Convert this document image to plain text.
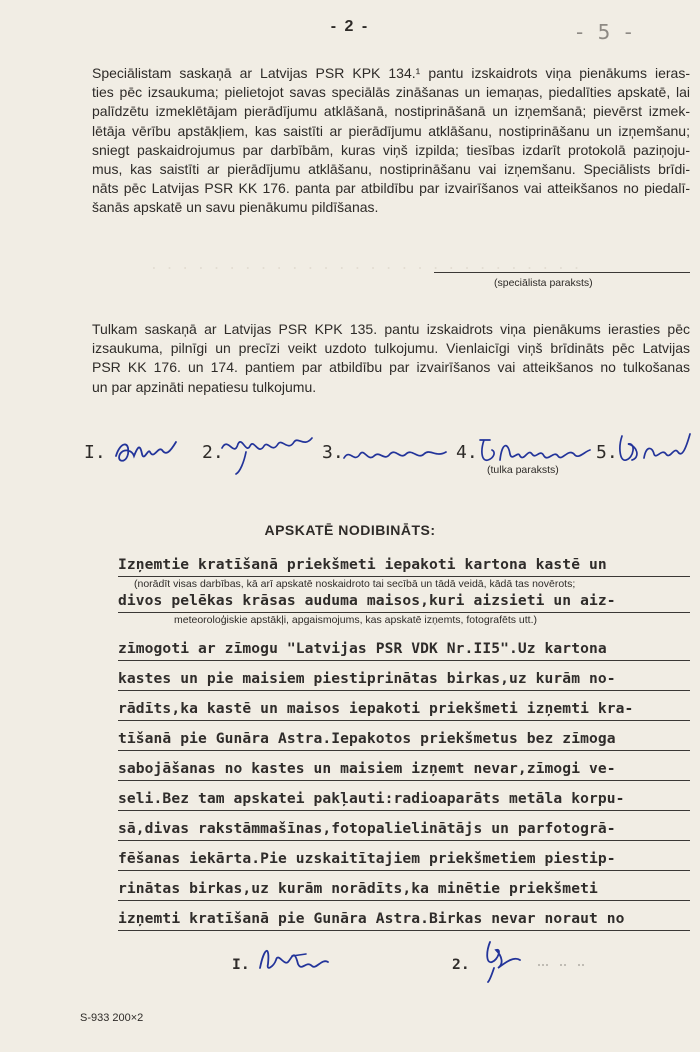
. . . . . . . . . . . . . . . . . . . . . . . . . . . .
- 2 -	- 5 -
Speciālistam saskaņā ar Latvijas PSR KPK 134.¹ pantu izskaidrots viņa pienākums ieras-
ties pēc izsaukuma; pielietojot savas speciālās zināšanas un iemaņas, piedalīties apskatē, lai
palīdzētu izmeklētājam pierādījumu atklāšanā, nostiprināšanā un izņemšanā; pievērst izmek-
lētāja vērību apstākļiem, kas saistīti ar pierādījumu atklāšanu, nostiprināšanu un izņemšanu;
sniegt paskaidrojumus par darbībām, kuras viņš izpilda; tiesības izdarīt protokolā paziņoju-
mus, kas saistīti ar pierādījumu atklāšanu, nostiprināšanu vai izņemšanu. Speciālists brīdi-
nāts pēc Latvijas PSR KK 176. panta par atbildību par izvairīšanos vai atteikšanos no piedalī-
šanās apskatē un savu pienākumu pildīšanas.
(speciālista paraksts)
Tulkam saskaņā ar Latvijas PSR KPK 135. pantu izskaidrots viņa pienākums ierasties pēc
izsaukuma, pilnīgi un precīzi veikt uzdoto tulkojumu. Vienlaicīgi viņš brīdināts pēc Latvijas
PSR KK 176. un 174. pantiem par atbildību par izvairīšanos vai atteikšanos no tulkošanas
un par apzināti nepatiesu tulkojumu.
I.	2.	3.	4.	5.
(tulka paraksts)
APSKATĒ NODIBINĀTS:
Izņemtie kratīšanā priekšmeti iepakoti kartona kastē un
(norādīt visas darbības, kā arī apskatē noskaidroto tai secībā un tādā veidā, kādā tas novērots;
divos pelēkas krāsas auduma maisos,kuri aizsieti un aiz-
meteoroloģiskie apstākļi, apgaismojums, kas apskatē izņemts, fotografēts utt.)
zīmogoti ar zīmogu "Latvijas PSR VDK Nr.II5".Uz kartona
kastes un pie maisiem piestiprinātas birkas,uz kurām no-
rādīts,ka kastē un maisos iepakoti priekšmeti izņemti kra-
tīšanā pie Gunāra Astra.Iepakotos priekšmetus bez zīmoga
sabojāšanas no kastes un maisiem izņemt nevar,zīmogi ve-
seli.Bez tam apskatei pakļauti:radioaparāts metāla korpu-
sā,divas rakstāmmašīnas,fotopalielinātājs un parfotogrā-
fēšanas iekārta.Pie uzskaitītajiem priekšmetiem piestip-
rinātas birkas,uz kurām norādīts,ka minētie priekšmeti
izņemti kratīšanā pie Gunāra Astra.Birkas nevar noraut no
I.	2.
S-933 200×2
